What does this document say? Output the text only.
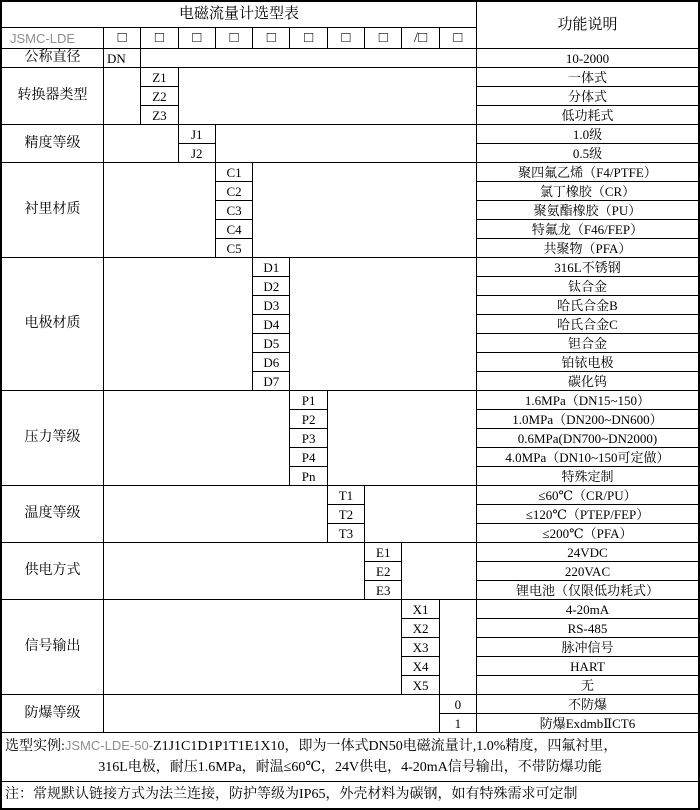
电磁流量计选型表
功能说明
JSMC-LDE	□	□	□	□	□	□	□	□	/□	□
公称直径	DN	10-2000
转换器类型
Z1	一体式
Z2	分体式
Z3	低功耗式
精度等级
J1	1.0级
J2	0.5级
衬里材质
C1	聚四氟乙烯（F4/PTFE）
C2	氯丁橡胶（CR）
C3	聚氨酯橡胶（PU）
C4	特氟龙（F46/FEP）
C5	共聚物（PFA）
电极材质
D1	316L不锈钢
D2	钛合金
D3	哈氏合金B
D4	哈氏合金C
D5	钽合金
D6	铂铱电极
D7	碳化钨
压力等级
P1	1.6MPa（DN15~150）
P2	1.0MPa（DN200~DN600）
P3	0.6MPa(DN700~DN2000)
P4	4.0MPa（DN10~150可定做）
Pn	特殊定制
温度等级
T1	≤60℃（CR/PU）
T2	≤120℃（PTEP/FEP）
T3	≤200℃（PFA）
供电方式
E1	24VDC
E2	220VAC
E3	锂电池（仅限低功耗式）
信号输出
X1	4-20mA
X2	RS-485
X3	脉冲信号
X4	HART
X5	无
防爆等级
0	不防爆
1	防爆ExdmbⅡCT6
选型实例:JSMC-LDE-50-Z1J1C1D1P1T1E1X10，即为一体式DN50电磁流量计,1.0%精度，四氟衬里，
316L电极，耐压1.6MPa，耐温≤60℃，24V供电，4-20mA信号输出，不带防爆功能
注：常规默认链接方式为法兰连接，防护等级为IP65，外壳材料为碳钢，如有特殊需求可定制
